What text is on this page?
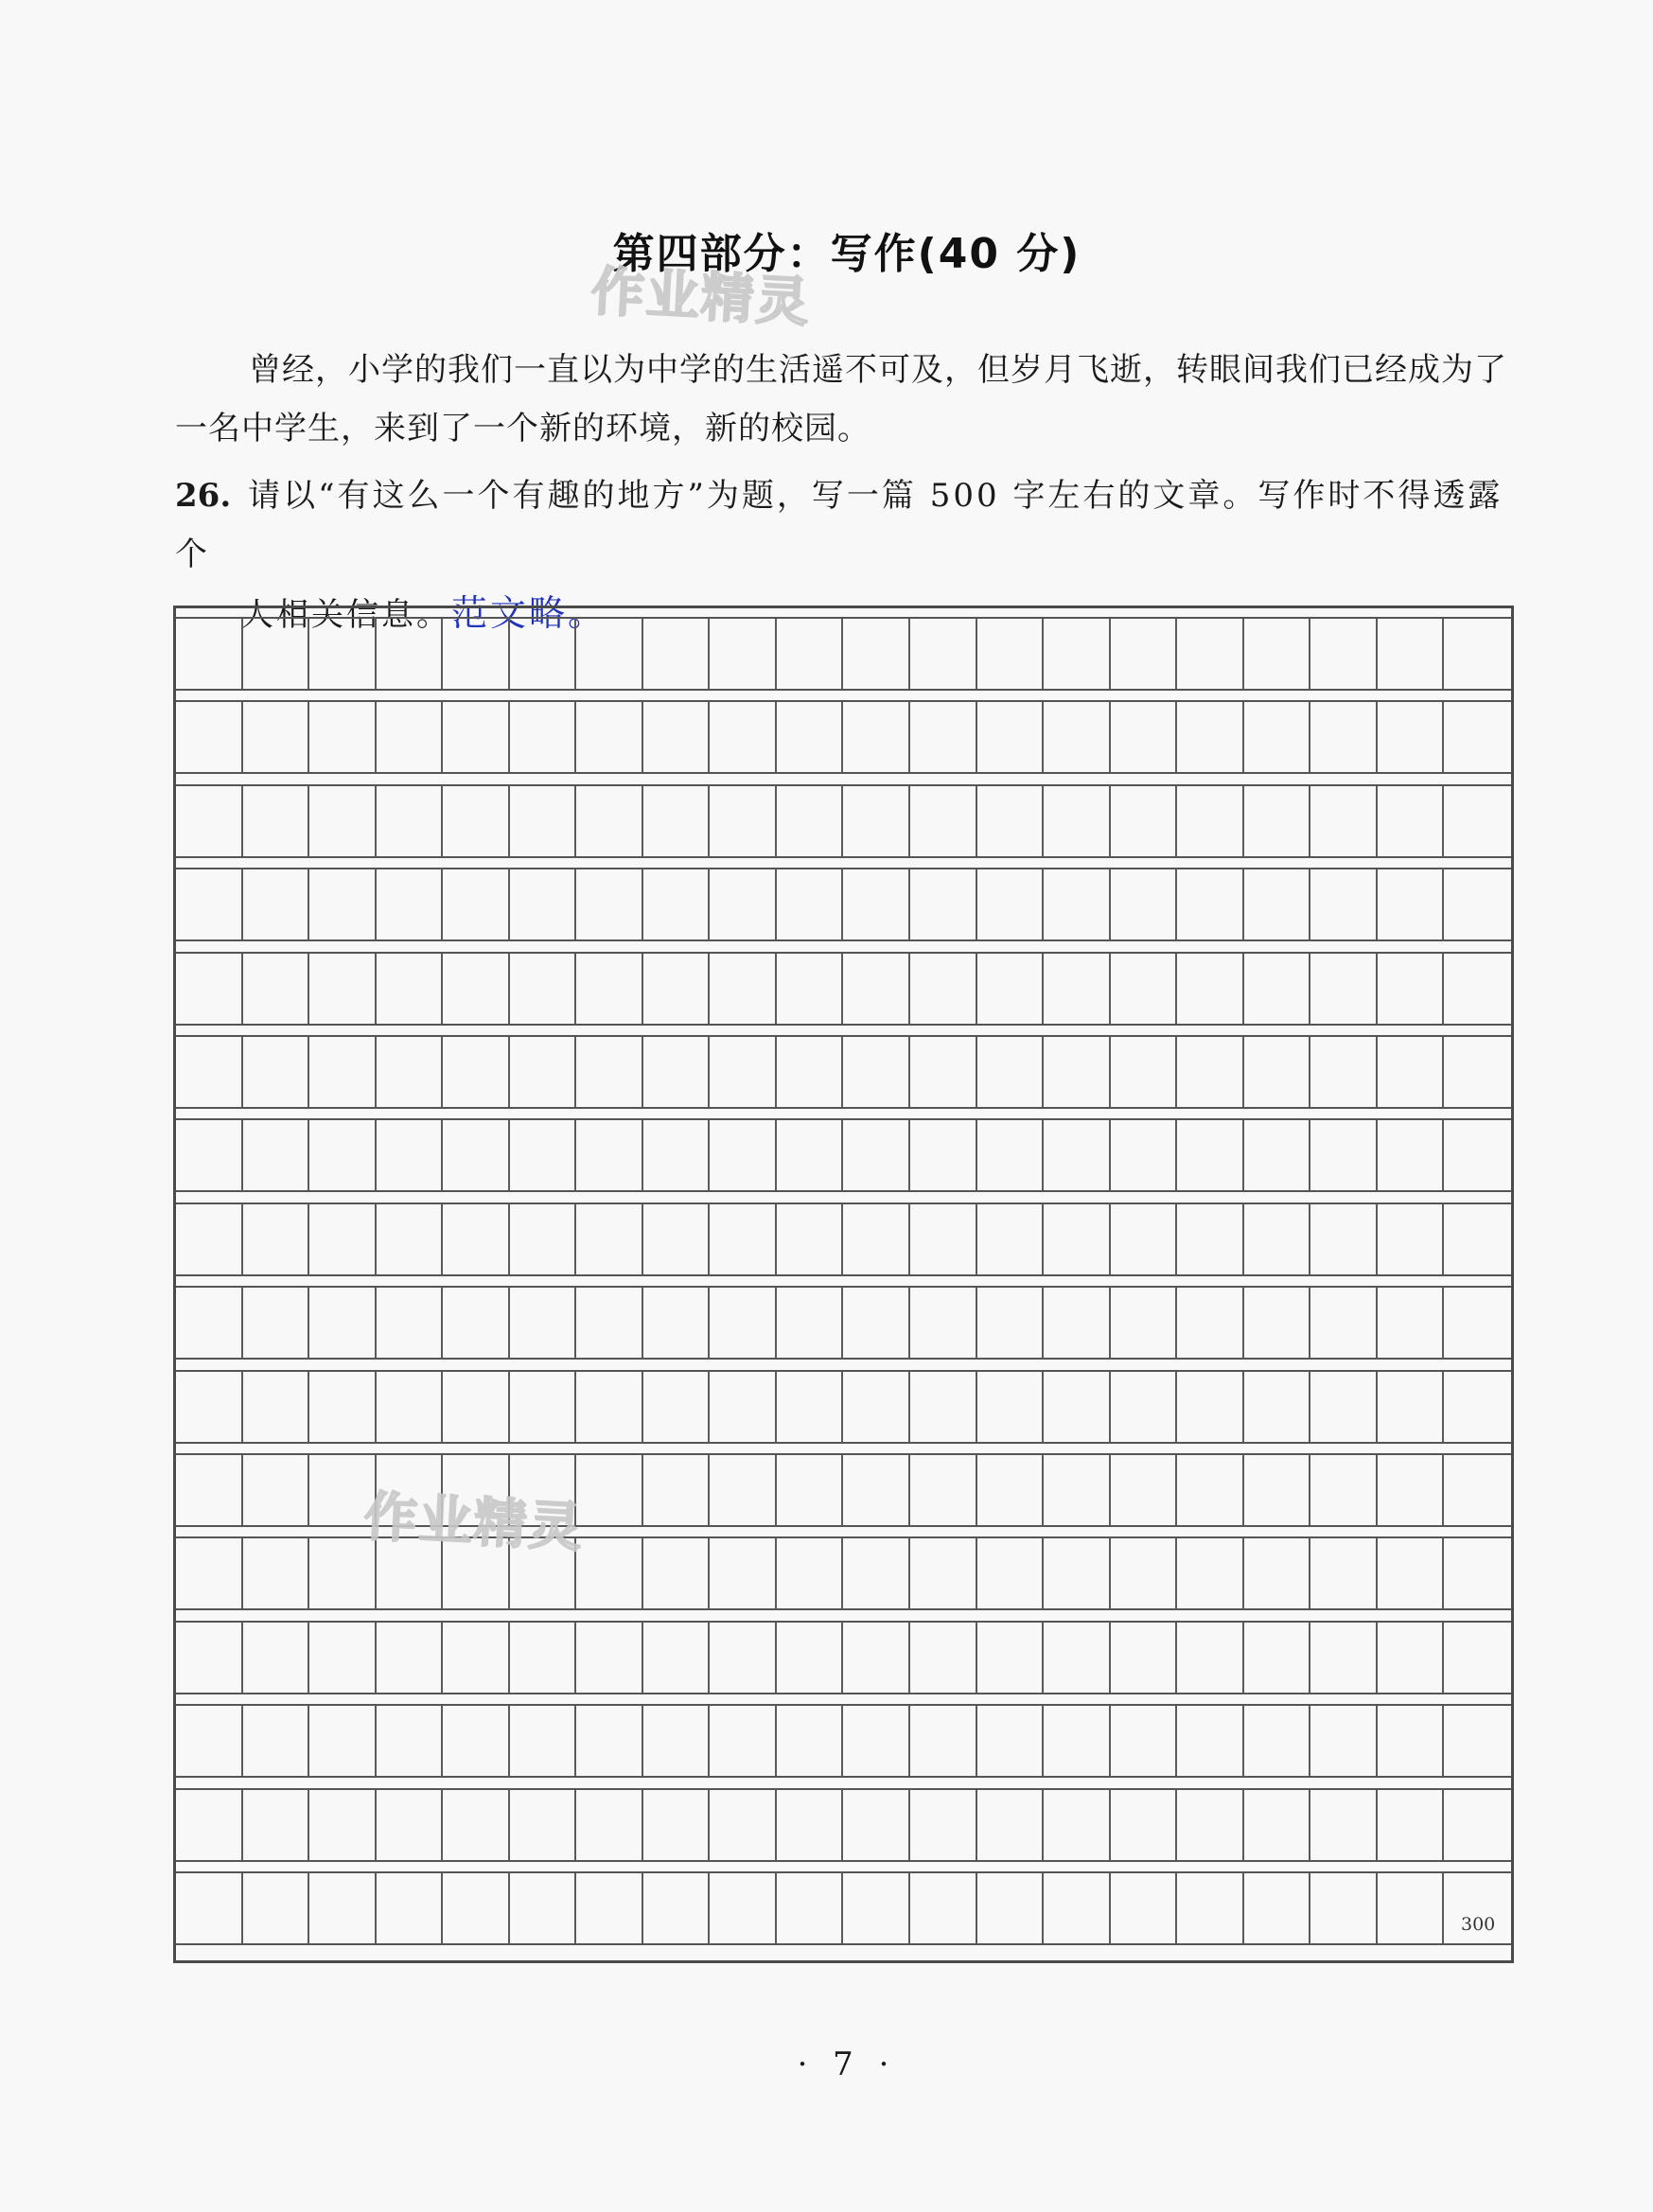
第四部分：写作(40 分)
作业精灵
曾经，小学的我们一直以为中学的生活遥不可及，但岁月飞逝，转眼间我们已经成为了一名中学生，来到了一个新的环境，新的校园。
26. 请以“有这么一个有趣的地方”为题，写一篇 500 字左右的文章。写作时不得透露个
人相关信息。范文略。
300
作业精灵
· 7 ·
